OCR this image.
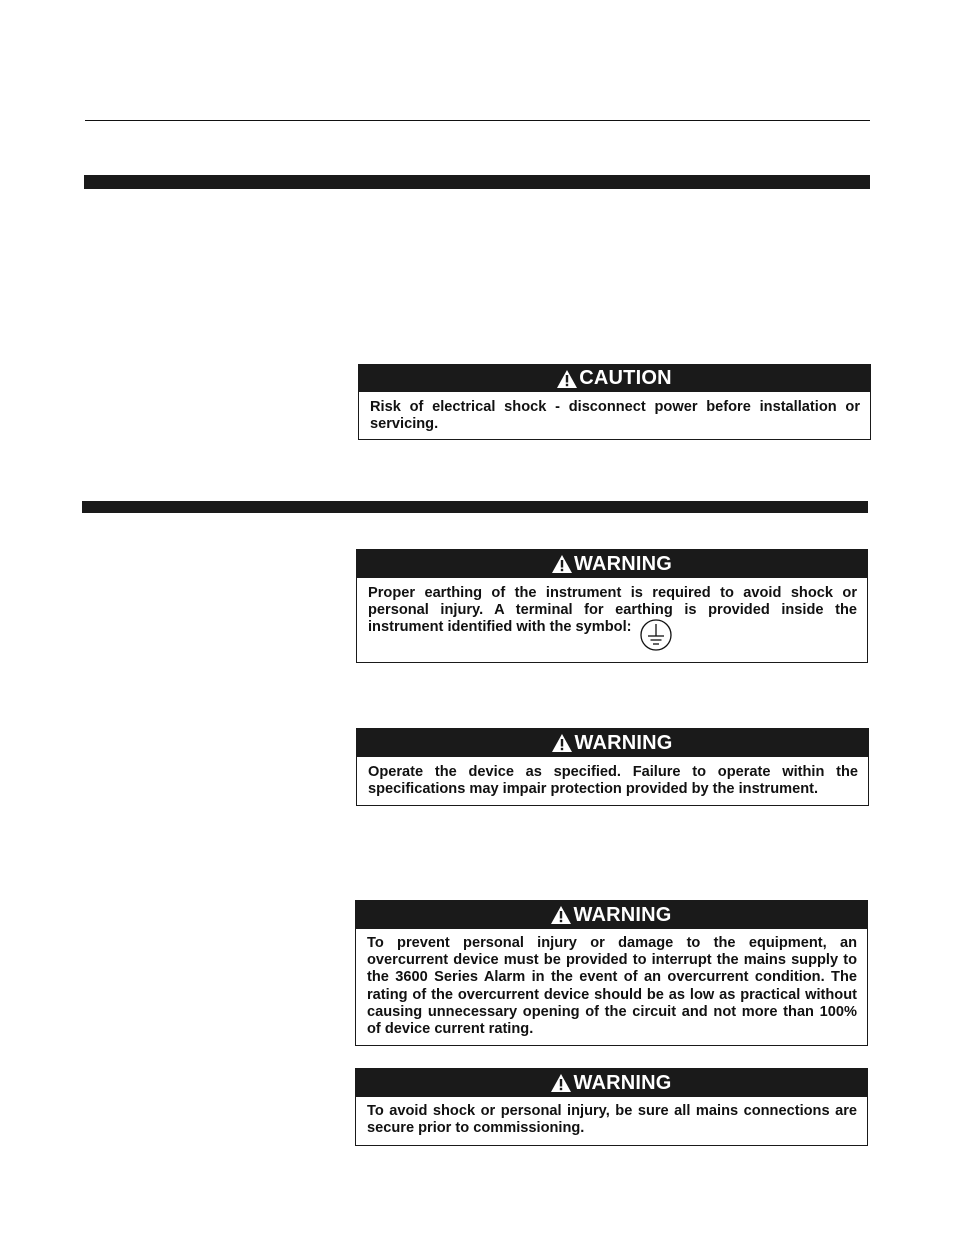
CAUTION
Risk of electrical shock - disconnect power before installation or servicing.
WARNING
Proper earthing of the instrument is required to avoid shock or personal injury. A terminal for earthing is provided inside the instrument identified with the symbol:
WARNING
Operate the device as specified. Failure to operate within the specifications may impair protection provided by the instrument.
WARNING
To prevent personal injury or damage to the equipment, an overcurrent device must be provided to interrupt the mains supply to the 3600 Series Alarm in the event of an overcurrent condition. The rating of the overcurrent device should be as low as practical without causing unnecessary opening of the circuit and not more than 100% of device current rating.
WARNING
To avoid shock or personal injury, be sure all mains connections are secure prior to commissioning.
